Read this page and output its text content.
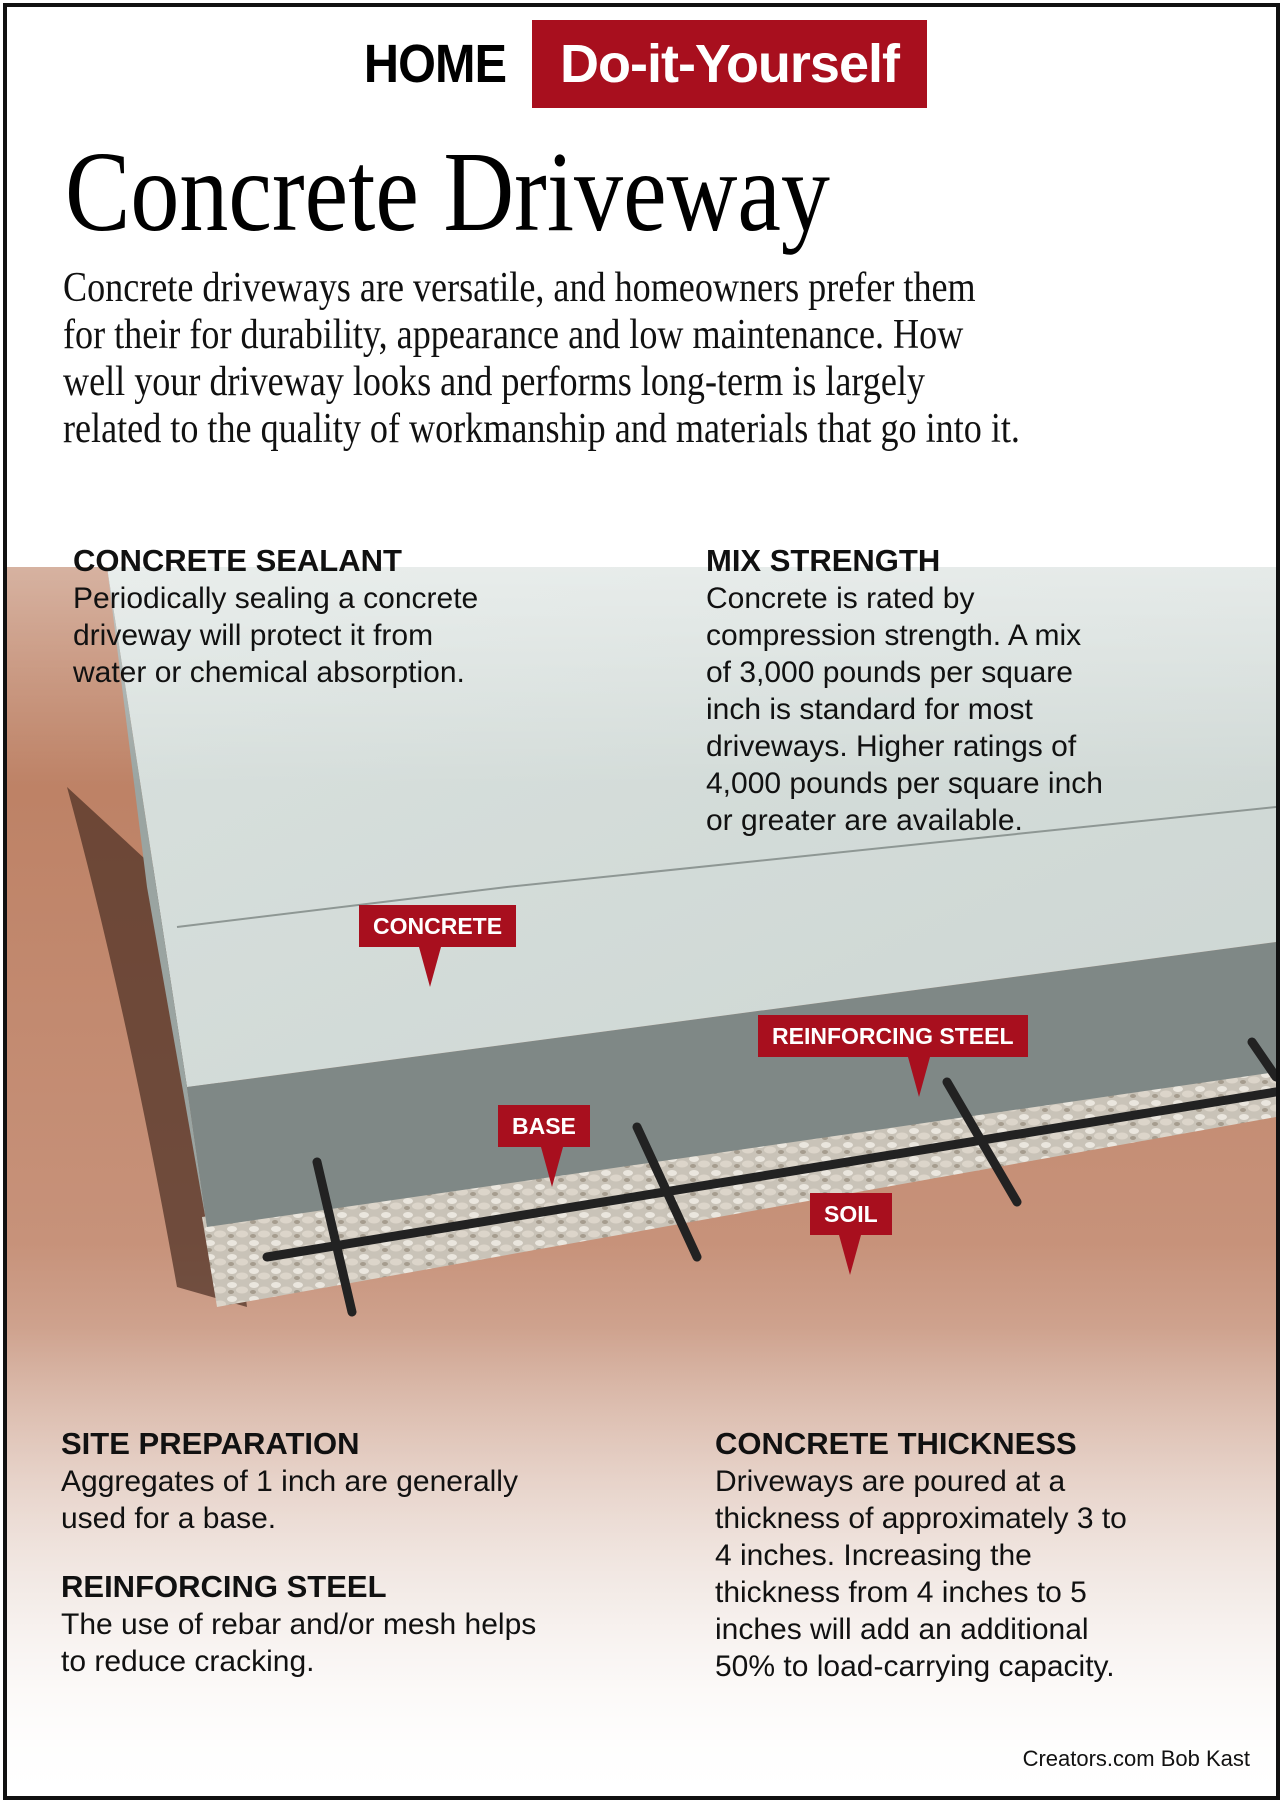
HOME Do-it-Yourself
Concrete Driveway
Concrete driveways are versatile, and homeowners prefer them
for their for durability, appearance and low maintenance. How
well your driveway looks and performs long-term is largely
related to the quality of workmanship and materials that go into it.
CONCRETE SEALANT

Periodically sealing a concrete
driveway will protect it from
water or chemical absorption.

MIX STRENGTH

Concrete is rated by
compression strength. A mix
of 3,000 pounds per square
inch is standard for most
driveways. Higher ratings of
4,000 pounds per square inch
or greater are available.

CONCRETE
REINFORCING STEEL
BASE
SOIL
SITE PREPARATION

Aggregates of 1 inch are generally
used for a base.

REINFORCING STEEL

The use of rebar and/or mesh helps
to reduce cracking.

CONCRETE THICKNESS

Driveways are poured at a
thickness of approximately 3 to
4 inches. Increasing the
thickness from 4 inches to 5
inches will add an additional
50% to load-carrying capacity.

Creators.com Bob Kast
